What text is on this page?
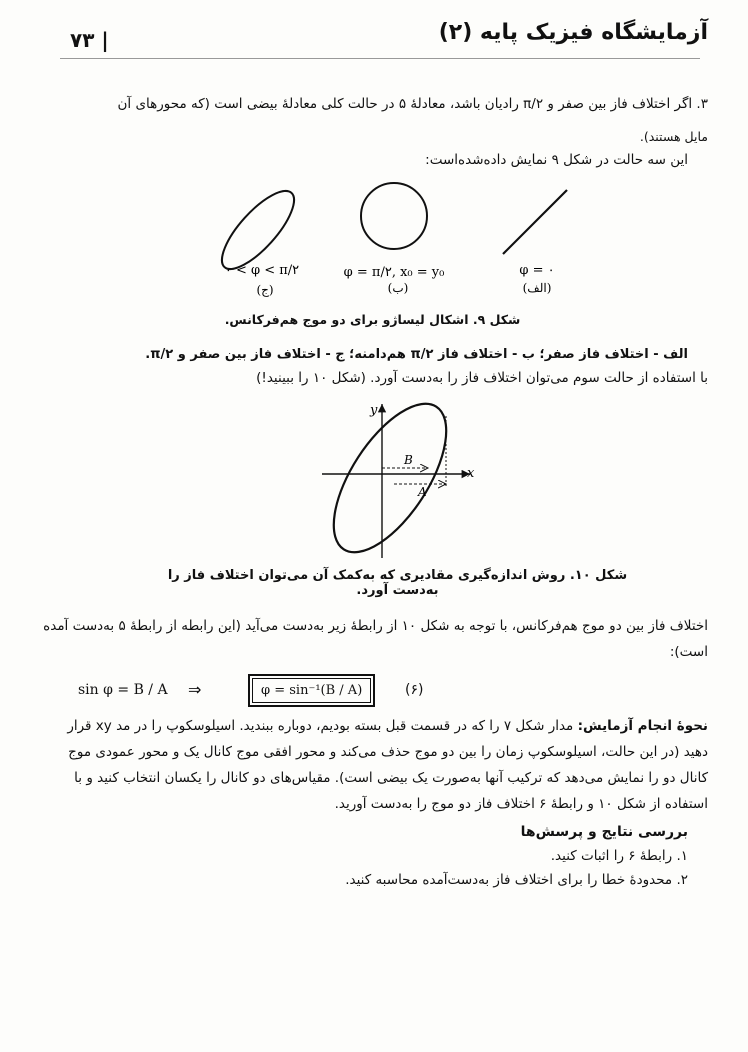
آزمایشگاه فیزیک پایه (۲)
۷۳ |
۳. اگر اختلاف فاز بین صفر و π/۲ رادیان باشد، معادلهٔ ۵ در حالت کلی معادلهٔ بیضی است (که محورهای آن
مایل هستند).
این سه حالت در شکل ۹ نمایش داده‌شده‌است:
۰ < φ < π/۲
(ج)
φ = π/۲, x₀ = y₀
(ب)
φ = ۰
(الف)
شکل ۹. اشکال لیساژو برای دو موج هم‌فرکانس.
الف - اختلاف فاز صفر؛ ب - اختلاف فاز π/۲ هم‌دامنه؛ ج - اختلاف فاز بین صفر و π/۲.
با استفاده از حالت سوم می‌توان اختلاف فاز را به‌دست آورد. (شکل ۱۰ را ببینید!)
x
y
B
A
شکل ۱۰. روش اندازه‌گیری مقادیری که به‌کمک آن می‌توان اختلاف فاز را به‌دست آورد.
اختلاف فاز بین دو موج هم‌فرکانس، با توجه به شکل ۱۰ از رابطهٔ زیر به‌دست می‌آید (این رابطه از رابطهٔ ۵ به‌دست آمده
است):
sin φ = B / A ⇒	φ = sin⁻¹(B / A)	(۶)
نحوهٔ انجام آزمایش: مدار شکل ۷ را که در قسمت قبل بسته بودیم، دوباره ببندید. اسیلوسکوپ را در مد xy قرار
دهید (در این حالت، اسیلوسکوپ زمان را بین دو موج حذف می‌کند و محور افقی موج کانال یک و محور عمودی موج
کانال دو را نمایش می‌دهد که ترکیب آنها به‌صورت یک بیضی است). مقیاس‌های دو کانال را یکسان انتخاب کنید و با
استفاده از شکل ۱۰ و رابطهٔ ۶ اختلاف فاز دو موج را به‌دست آورید.
بررسی نتایج و پرسش‌ها
۱. رابطهٔ ۶ را اثبات کنید.
۲. محدودهٔ خطا را برای اختلاف فاز به‌دست‌آمده محاسبه کنید.
